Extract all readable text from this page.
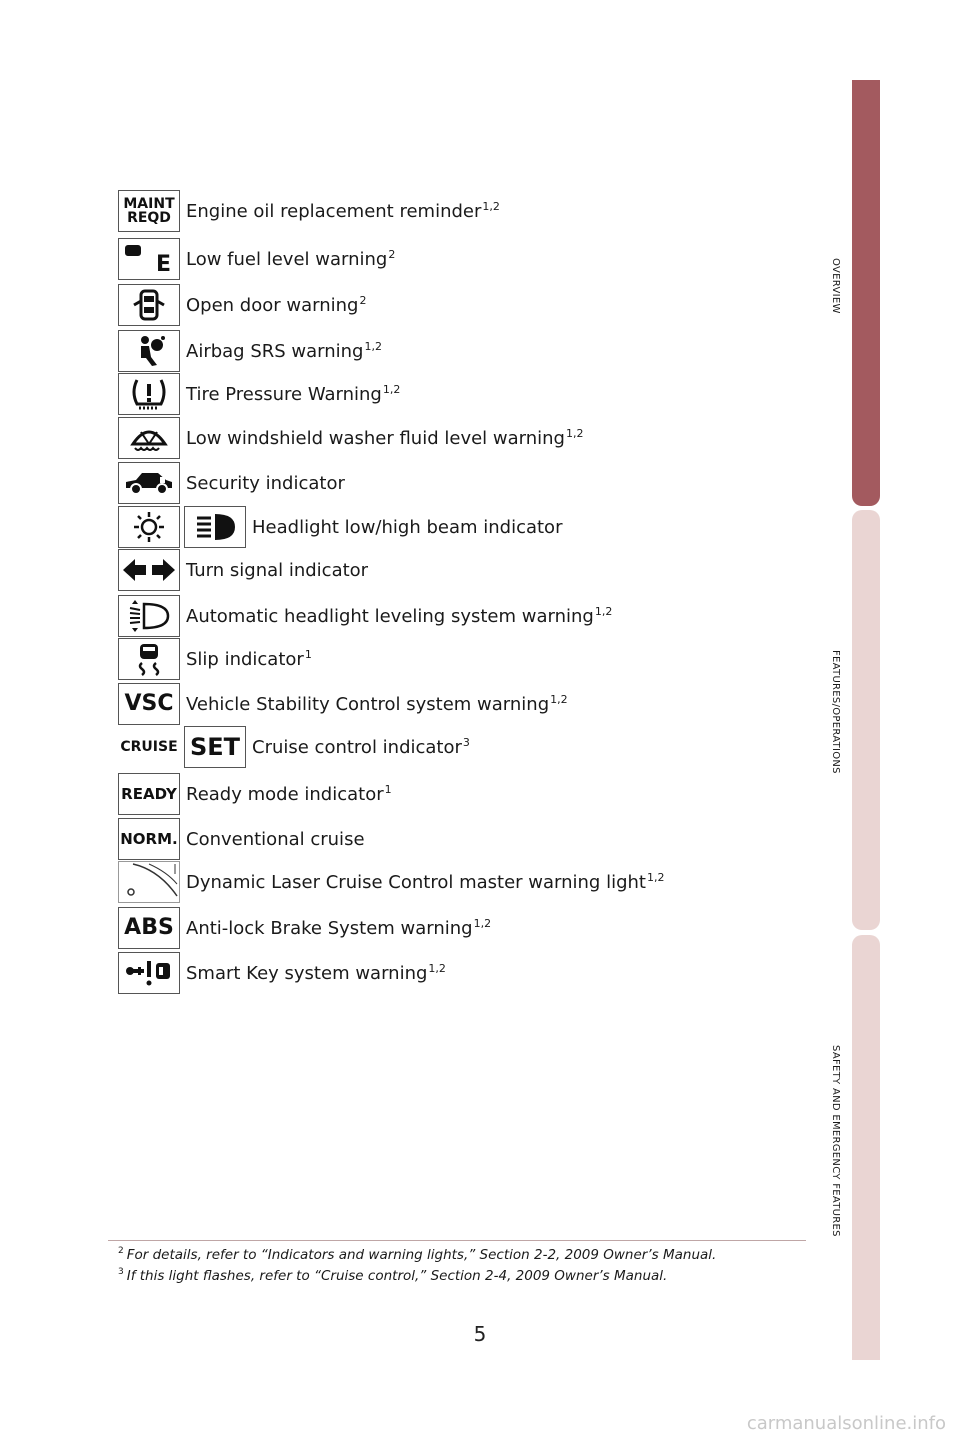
OVERVIEW
FEATURES/OPERATIONS
SAFETY AND EMERGENCY FEATURES
MAINT
REQD Engine oil replacement reminder$^{1,2}$
E Low fuel level warning$^2$
Open door warning$^2$
Airbag SRS warning$^{1,2}$
Tire Pressure Warning$^{1,2}$
Low windshield washer fluid level warning$^{1,2}$
Security indicator
Headlight low/high beam indicator
Turn signal indicator
Automatic headlight leveling system warning$^{1,2}$
Slip indicator$^1$
VSC Vehicle Stability Control system warning$^{1,2}$
CRUISE SET Cruise control indicator$^3$
READY Ready mode indicator$^1$
NORM. Conventional cruise
Dynamic Laser Cruise Control master warning light$^{1,2}$
ABS Anti-lock Brake System warning$^{1,2}$
Smart Key system warning$^{1,2}$
$^2$ For details, refer to “Indicators and warning lights,” Section 2-2, 2009 Owner’s Manual.
$^3$ If this light flashes, refer to “Cruise control,” Section 2-4, 2009 Owner’s Manual.
5
carmanualsonline.info
